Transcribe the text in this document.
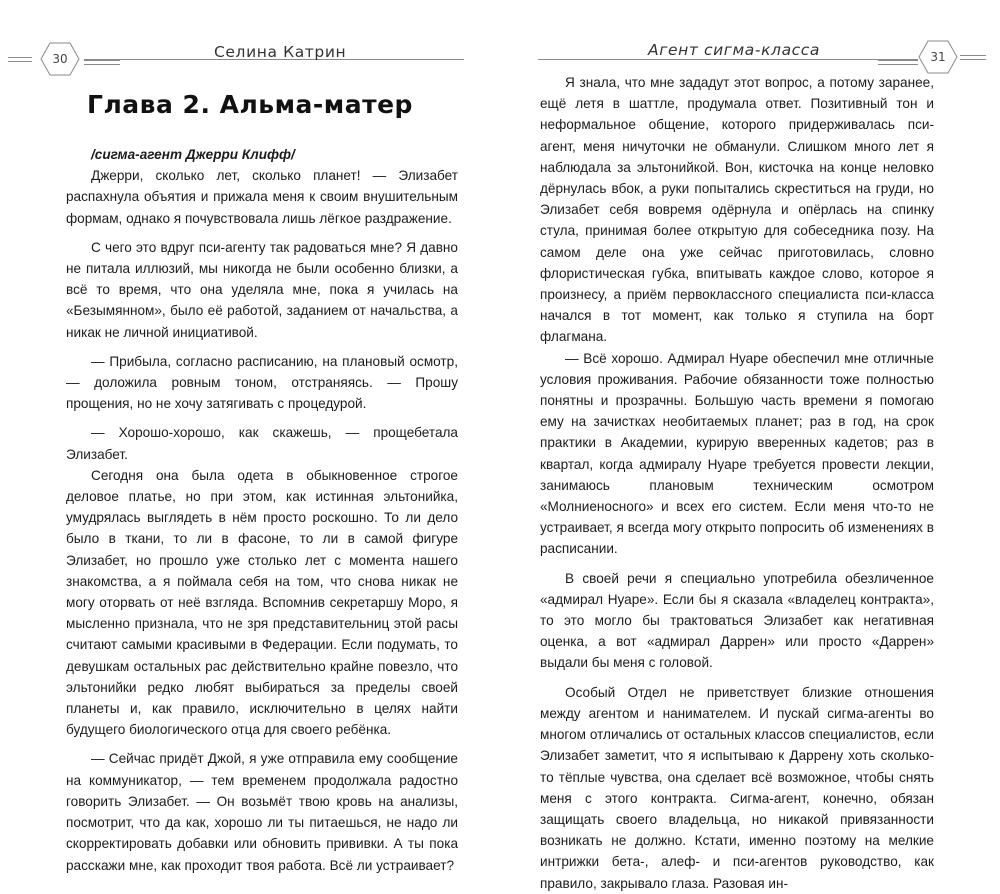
30	Селина Катрин
Глава 2. Альма-матер

/сигма-агент Джерри Клифф/

Джерри, сколько лет, сколько планет! — Элизабет распахнула объятия и прижала меня к своим внушительным формам, однако я почувствовала лишь лёгкое раздражение.

С чего это вдруг пси-агенту так радоваться мне? Я давно не питала иллюзий, мы никогда не были особенно близки, а всё то время, что она уделяла мне, пока я училась на «Безымянном», было её работой, заданием от начальства, а никак не личной инициативой.

— Прибыла, согласно расписанию, на плановый осмотр, — доложила ровным тоном, отстраняясь. — Прошу прощения, но не хочу затягивать с процедурой.

— Хорошо-хорошо, как скажешь, — прощебетала Элизабет.

Сегодня она была одета в обыкновенное строгое деловое платье, но при этом, как истинная эльтонийка, умудрялась выглядеть в нём просто роскошно. То ли дело было в ткани, то ли в фасоне, то ли в самой фигуре Элизабет, но прошло уже столько лет с момента нашего знакомства, а я поймала себя на том, что снова никак не могу оторвать от неё взгляда. Вспомнив секретаршу Моро, я мысленно признала, что не зря представительниц этой расы считают самыми красивыми в Федерации. Если подумать, то девушкам остальных рас действительно крайне повезло, что эльтонийки редко любят выбираться за пределы своей планеты и, как правило, исключительно в целях найти будущего биологического отца для своего ребёнка.

— Сейчас придёт Джой, я уже отправила ему сообщение на коммуникатор, — тем временем продолжала радостно говорить Элизабет. — Он возьмёт твою кровь на анализы, посмотрит, что да как, хорошо ли ты питаешься, не надо ли скорректировать добавки или обновить прививки. А ты пока расскажи мне, как проходит твоя работа. Всё ли устраивает?

Агент сигма-класса	31

Я знала, что мне зададут этот вопрос, а потому заранее, ещё летя в шаттле, продумала ответ. Позитивный тон и неформальное общение, которого придерживалась пси-агент, меня ничуточки не обманули. Слишком много лет я наблюдала за эльтонийкой. Вон, кисточка на конце неловко дёрнулась вбок, а руки попытались скреститься на груди, но Элизабет себя вовремя одёрнула и опёрлась на спинку стула, принимая более открытую для собеседника позу. На самом деле она уже сейчас приготовилась, словно флористическая губка, впитывать каждое слово, которое я произнесу, а приём первоклассного специалиста пси-класса начался в тот момент, как только я ступила на борт флагмана.

— Всё хорошо. Адмирал Нуаре обеспечил мне отличные условия проживания. Рабочие обязанности тоже полностью понятны и прозрачны. Большую часть времени я помогаю ему на зачистках необитаемых планет; раз в год, на срок практики в Академии, курирую вверенных кадетов; раз в квартал, когда адмиралу Нуаре требуется провести лекции, занимаюсь плановым техническим осмотром «Молниеносного» и всех его систем. Если меня что-то не устраивает, я всегда могу открыто попросить об изменениях в расписании.

В своей речи я специально употребила обезличенное «адмирал Нуаре». Если бы я сказала «владелец контракта», то это могло бы трактоваться Элизабет как негативная оценка, а вот «адмирал Даррен» или просто «Даррен» выдали бы меня с головой.

Особый Отдел не приветствует близкие отношения между агентом и нанимателем. И пускай сигма-агенты во многом отличались от остальных классов специалистов, если Элизабет заметит, что я испытываю к Даррену хоть сколько-то тёплые чувства, она сделает всё возможное, чтобы снять меня с этого контракта. Сигма-агент, конечно, обязан защищать своего владельца, но никакой привязанности возникать не должно. Кстати, именно поэтому на мелкие интрижки бета-, алеф- и пси-агентов руководство, как правило, закрывало глаза. Разовая ин-
